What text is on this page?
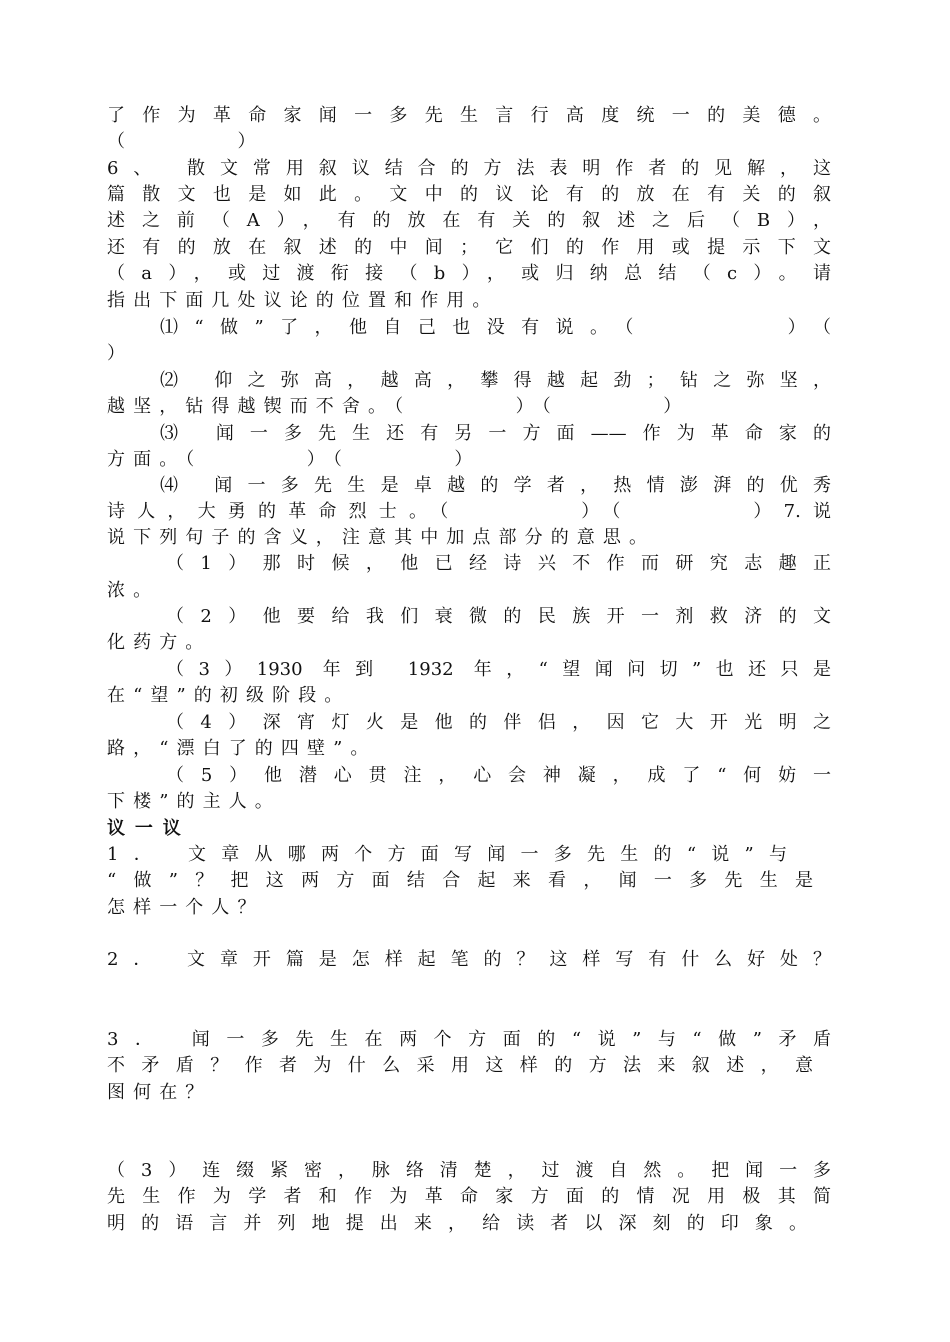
了作为革命家闻一多先生言行高度统一的美德。
（　　　　）
6、 散文常用叙议结合的方法表明作者的见解，这
篇散文也是如此。文中的议论有的放在有关的叙
述之前（A），有的放在有关的叙述之后（B），
还有的放在叙述的中间；它们的作用或提示下文
（a），或过渡衔接（b），或归纳总结（c）。请
指出下面几处议论的位置和作用。
⑴“做”了，他自己也没有说。（　　　　）（
）
⑵ 仰之弥高，越高，攀得越起劲；钻之弥坚，
越坚，钻得越锲而不舍。（　　　　）（　　　　）
⑶ 闻一多先生还有另一方面——作为革命家的
方面。（　　　　）（　　　　）
⑷ 闻一多先生是卓越的学者，热情澎湃的优秀
诗人，大勇的革命烈士。（　　　　）（　　　　）7.说
说下列句子的含义，注意其中加点部分的意思。
（1）那时候，他已经诗兴不作而研究志趣正
浓。
（2）他要给我们衰微的民族开一剂救济的文
化药方。
（3）1930 年到 1932 年，“望闻问切”也还只是
在“望”的初级阶段。
（4）深宵灯火是他的伴侣，因它大开光明之
路，“漂白了的四壁”。
（5）他潜心贯注，心会神凝，成了“何妨一
下楼”的主人。
议 一 议
1． 文章从哪两个方面写闻一多先生的“说”与
“做”？把这两方面结合起来看，闻一多先生是
怎样一个人？
2． 文章开篇是怎样起笔的？这样写有什么好处？
3． 闻一多先生在两个方面的“说”与“做”矛盾
不矛盾？作者为什么采用这样的方法来叙述，意
图何在？
（3）连缀紧密，脉络清楚，过渡自然。把闻一多
先生作为学者和作为革命家方面的情况用极其简
明的语言并列地提出来，给读者以深刻的印象。
